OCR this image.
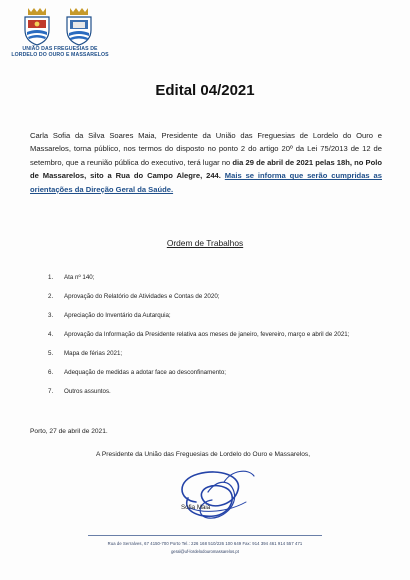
UNIÃO DAS FREGUESIAS DE
LORDELO DO OURO E MASSARELOS
Edital 04/2021
Carla Sofia da Silva Soares Maia, Presidente da União das Freguesias de Lordelo do Ouro e Massarelos, torna público, nos termos do disposto no ponto 2 do artigo 20º da Lei 75/2013 de 12 de setembro, que a reunião pública do executivo, terá lugar no dia 29 de abril de 2021 pelas 18h, no Polo de Massarelos, sito a Rua do Campo Alegre, 244. Mais se informa que serão cumpridas as orientações da Direção Geral da Saúde.
Ordem de Trabalhos
1.	Ata nº 140;
2.	Aprovação do Relatório de Atividades e Contas de 2020;
3.	Apreciação do Inventário da Autarquia;
4.	Aprovação da Informação da Presidente relativa aos meses de janeiro, fevereiro, março e abril de 2021;
5.	Mapa de férias 2021;
6.	Adequação de medidas a adotar face ao desconfinamento;
7.	Outros assuntos.
Porto, 27 de abril de 2021.
A Presidente da União das Freguesias de Lordelo do Ouro e Massarelos,
Sofia Maia
Rua de Serralves, 67 4150-700 Porto Tel.: 226 168 510/226 100 649 Fax: 914 394 461 914 557 471
geral@uf-lordelodouromassarelos.pt
